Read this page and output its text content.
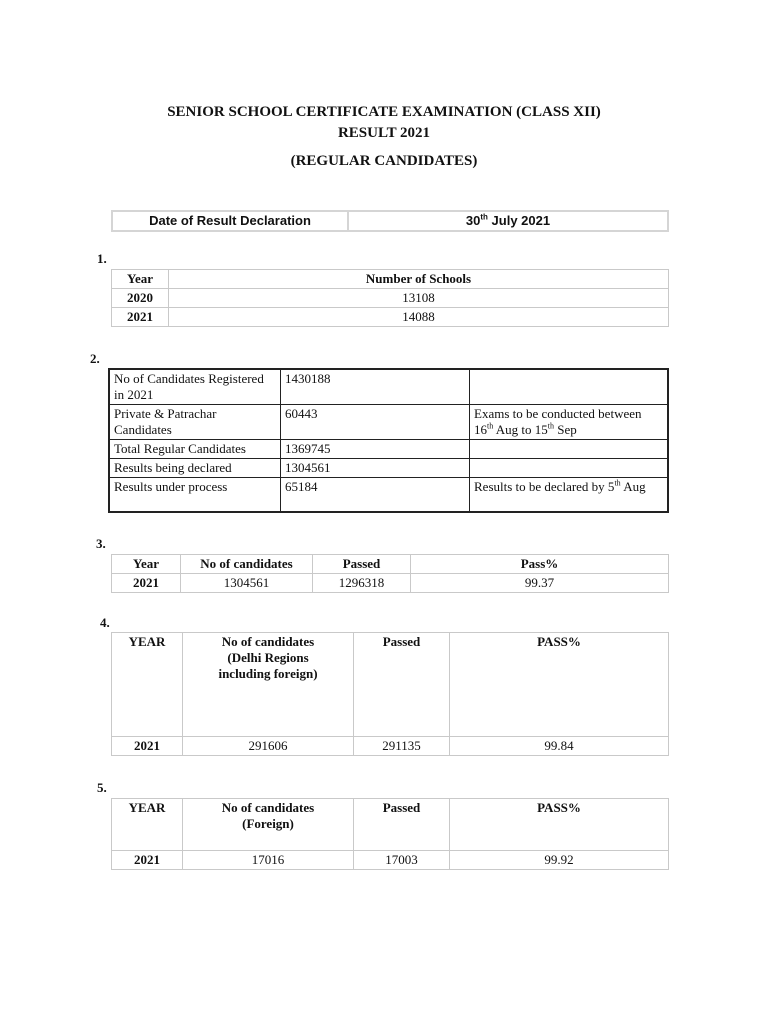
SENIOR SCHOOL CERTIFICATE EXAMINATION (CLASS XII)
RESULT 2021
(REGULAR CANDIDATES)
Date of Result Declaration	30th July 2021
1.
Year	Number of Schools
2020	13108
2021	14088
2.
No of Candidates Registered in 2021	1430188	
Private & Patrachar Candidates	60443	Exams to be conducted between 16th Aug to 15th Sep
Total Regular Candidates	1369745	
Results being declared	1304561	
Results under process	65184	Results to be declared by 5th Aug
3.
Year	No of candidates	Passed	Pass%
2021	1304561	1296318	99.37
4.
YEAR	No of candidates (Delhi Regions including foreign)	Passed	PASS%
2021	291606	291135	99.84
5.
YEAR	No of candidates (Foreign)	Passed	PASS%
2021	17016	17003	99.92
